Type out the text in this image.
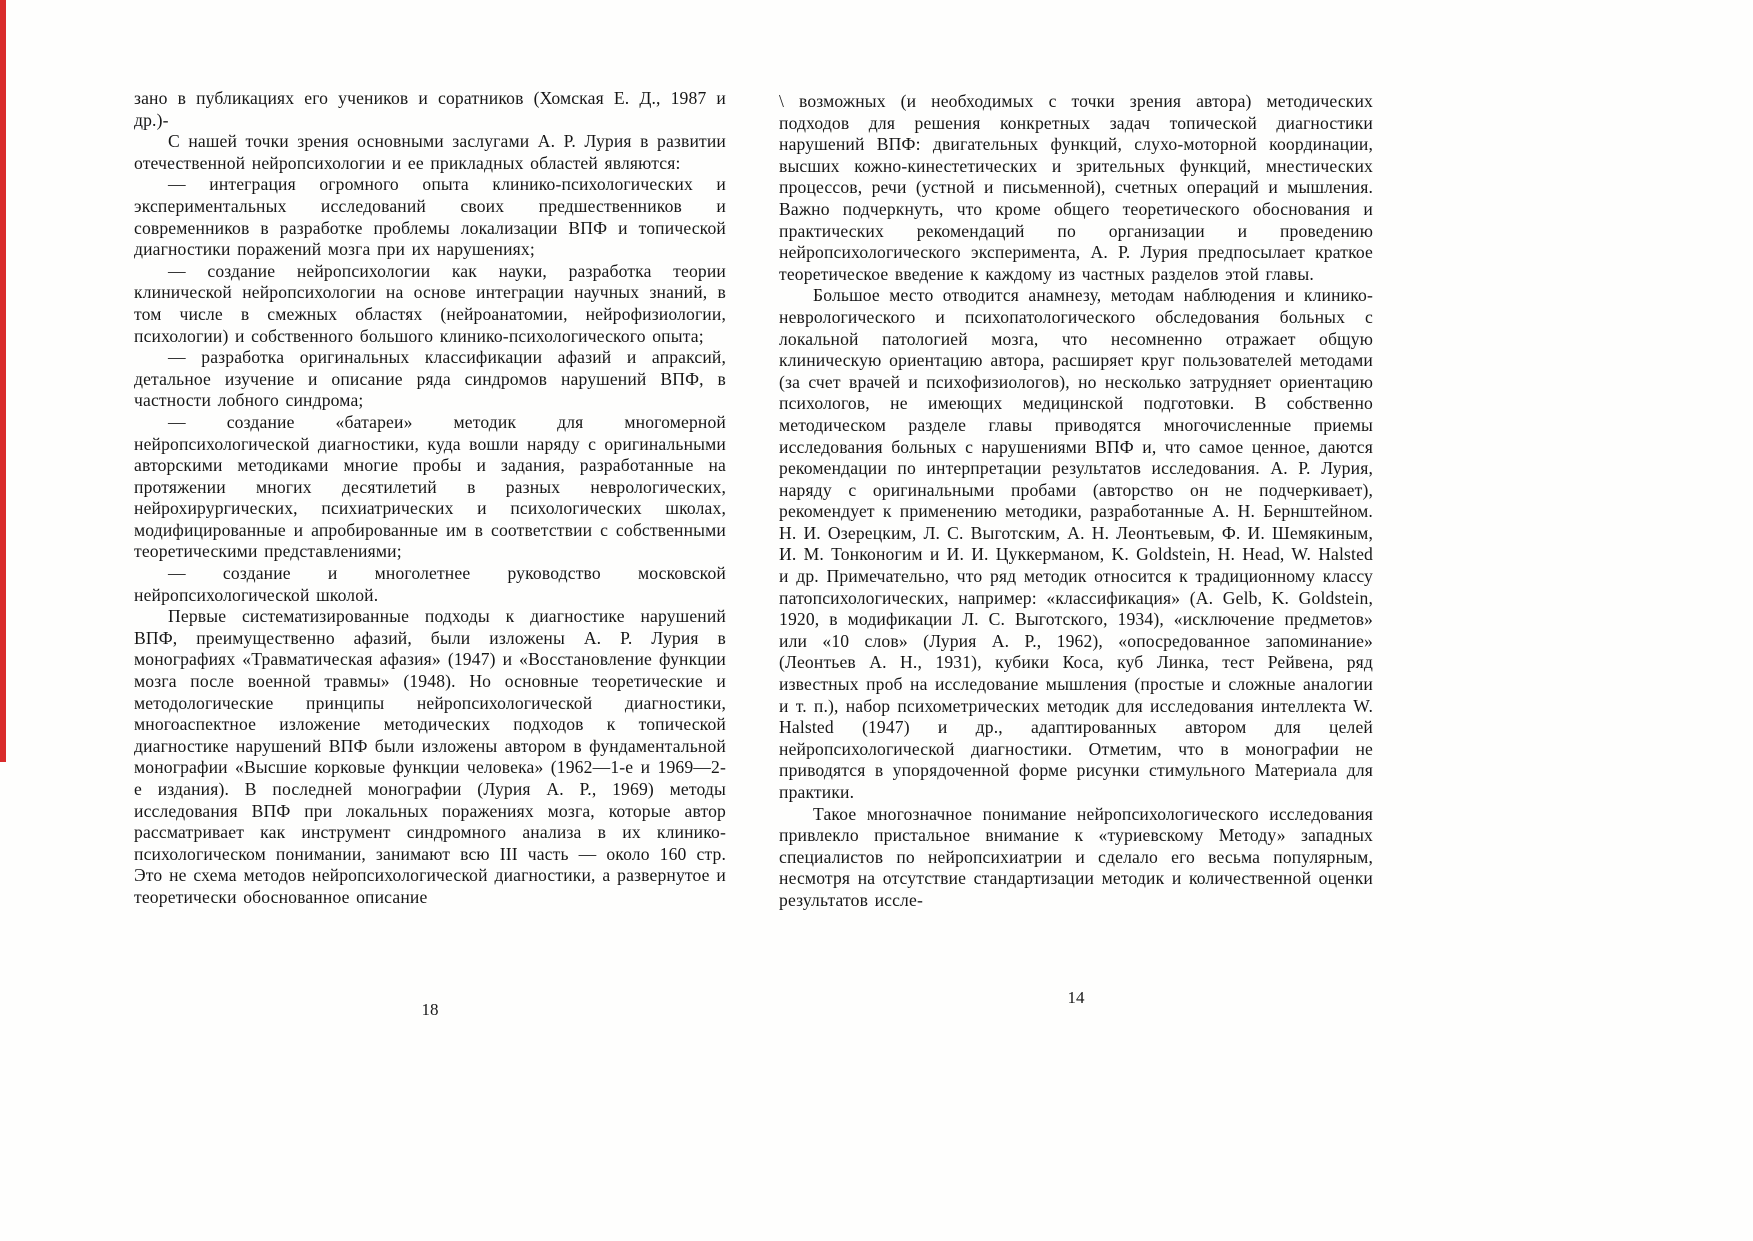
зано в публикациях его учеников и соратников (Хомская Е. Д., 1987 и др.)-

С нашей точки зрения основными заслугами А. Р. Лурия в развитии отечественной нейропсихологии и ее прикладных областей являются:

— интеграция огромного опыта клинико-психологических и экспериментальных исследований своих предшественников и современников в разработке проблемы локализации ВПФ и топической диагностики поражений мозга при их нарушениях;

— создание нейропсихологии как науки, разработка теории клинической нейропсихологии на основе интеграции научных знаний, в том числе в смежных областях (нейроанатомии, нейрофизиологии, психологии) и собственного большого клинико-психологического опыта;

— разработка оригинальных классификации афазий и апраксий, детальное изучение и описание ряда синдромов нарушений ВПФ, в частности лобного синдрома;

— создание «батареи» методик для многомерной нейропсихологической диагностики, куда вошли наряду с оригинальными авторскими методиками многие пробы и задания, разработанные на протяжении многих десятилетий в разных неврологических, нейрохирургических, психиатрических и психологических школах, модифицированные и апробированные им в соответствии с собственными теоретическими представлениями;

— создание и многолетнее руководство московской нейропсихологической школой.

Первые систематизированные подходы к диагностике нарушений ВПФ, преимущественно афазий, были изложены А. Р. Лурия в монографиях «Травматическая афазия» (1947) и «Восстановление функции мозга после военной травмы» (1948). Но основные теоретические и методологические принципы нейропсихологической диагностики, многоаспектное изложение методических подходов к топической диагностике нарушений ВПФ были изложены автором в фундаментальной монографии «Высшие корковые функции человека» (1962—1-е и 1969—2-е издания). В последней монографии (Лурия А. Р., 1969) методы исследования ВПФ при локальных поражениях мозга, которые автор рассматривает как инструмент синдромного анализа в их клинико-психологическом понимании, занимают всю III часть — около 160 стр. Это не схема методов нейропсихологической диагностики, а развернутое и теоретически обоснованное описание

18

\ возможных (и необходимых с точки зрения автора) методических подходов для решения конкретных задач топической диагностики нарушений ВПФ: двигательных функций, слухо-моторной координации, высших кожно-кинестетических и зрительных функций, мнестических процессов, речи (устной и письменной), счетных операций и мышления. Важно подчеркнуть, что кроме общего теоретического обоснования и практических рекомендаций по организации и проведению нейропсихологического эксперимента, А. Р. Лурия предпосылает краткое теоретическое введение к каждому из частных разделов этой главы.

Большое место отводится анамнезу, методам наблюдения и клинико-неврологического и психопатологического обследования больных с локальной патологией мозга, что несомненно отражает общую клиническую ориентацию автора, расширяет круг пользователей методами (за счет врачей и психофизиологов), но несколько затрудняет ориентацию психологов, не имеющих медицинской подготовки. В собственно методическом разделе главы приводятся многочисленные приемы исследования больных с нарушениями ВПФ и, что самое ценное, даются рекомендации по интерпретации результатов исследования. А. Р. Лурия, наряду с оригинальными пробами (авторство он не подчеркивает), рекомендует к применению методики, разработанные А. Н. Бернштейном. Н. И. Озерецким, Л. С. Выготским, А. Н. Леонтьевым, Ф. И. Шемякиным, И. М. Тонконогим и И. И. Цуккерманом, K. Goldstein, H. Head, W. Halsted и др. Примечательно, что ряд методик относится к традиционному классу патопсихологических, например: «классификация» (A. Gelb, K. Goldstein, 1920, в модификации Л. С. Выготского, 1934), «исключение предметов» или «10 слов» (Лурия А. Р., 1962), «опосредованное запоминание» (Леонтьев А. Н., 1931), кубики Коса, куб Линка, тест Рейвена, ряд известных проб на исследование мышления (простые и сложные аналогии и т. п.), набор психометрических методик для исследования интеллекта W. Halsted (1947) и др., адаптированных автором для целей нейропсихологической диагностики. Отметим, что в монографии не приводятся в упорядоченной форме рисунки стимульного Материала для практики.

Такое многозначное понимание нейропсихологического исследования привлекло пристальное внимание к «туриевскому Методу» западных специалистов по нейропсихиатрии и сделало его весьма популярным, несмотря на отсутствие стандартизации методик и количественной оценки результатов иссле-

14
